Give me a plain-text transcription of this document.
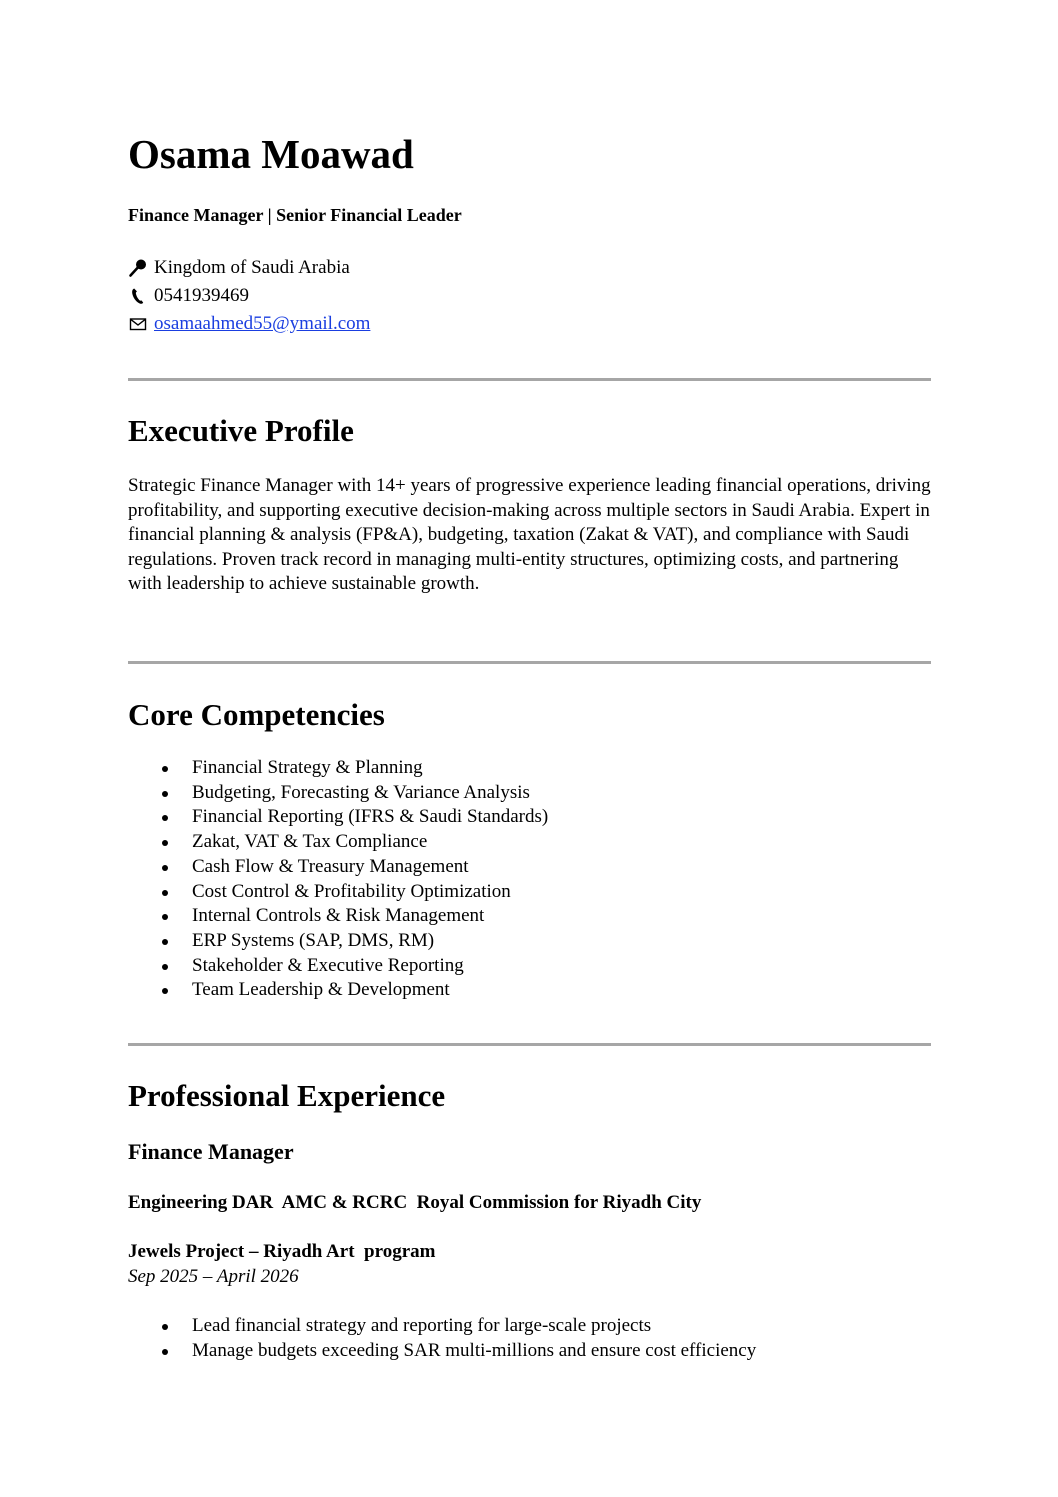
Osama Moawad

Finance Manager | Senior Financial Leader

Kingdom of Saudi Arabia
0541939469
osamaahmed55@ymail.com
Executive Profile

Strategic Finance Manager with 14+ years of progressive experience leading financial operations, driving profitability, and supporting executive decision-making across multiple sectors in Saudi Arabia. Expert in financial planning & analysis (FP&A), budgeting, taxation (Zakat & VAT), and compliance with Saudi regulations. Proven track record in managing multi-entity structures, optimizing costs, and partnering with leadership to achieve sustainable growth.

Core Competencies
Financial Strategy & Planning
Budgeting, Forecasting & Variance Analysis
Financial Reporting (IFRS & Saudi Standards)
Zakat, VAT & Tax Compliance
Cash Flow & Treasury Management
Cost Control & Profitability Optimization
Internal Controls & Risk Management
ERP Systems (SAP, DMS, RM)
Stakeholder & Executive Reporting
Team Leadership & Development
Professional Experience
Finance Manager

Engineering DAR  AMC & RCRC  Royal Commission for Riyadh City

Jewels Project – Riyadh Art  program

Sep 2025 – April 2026

Lead financial strategy and reporting for large-scale projects
Manage budgets exceeding SAR multi-millions and ensure cost efficiency
